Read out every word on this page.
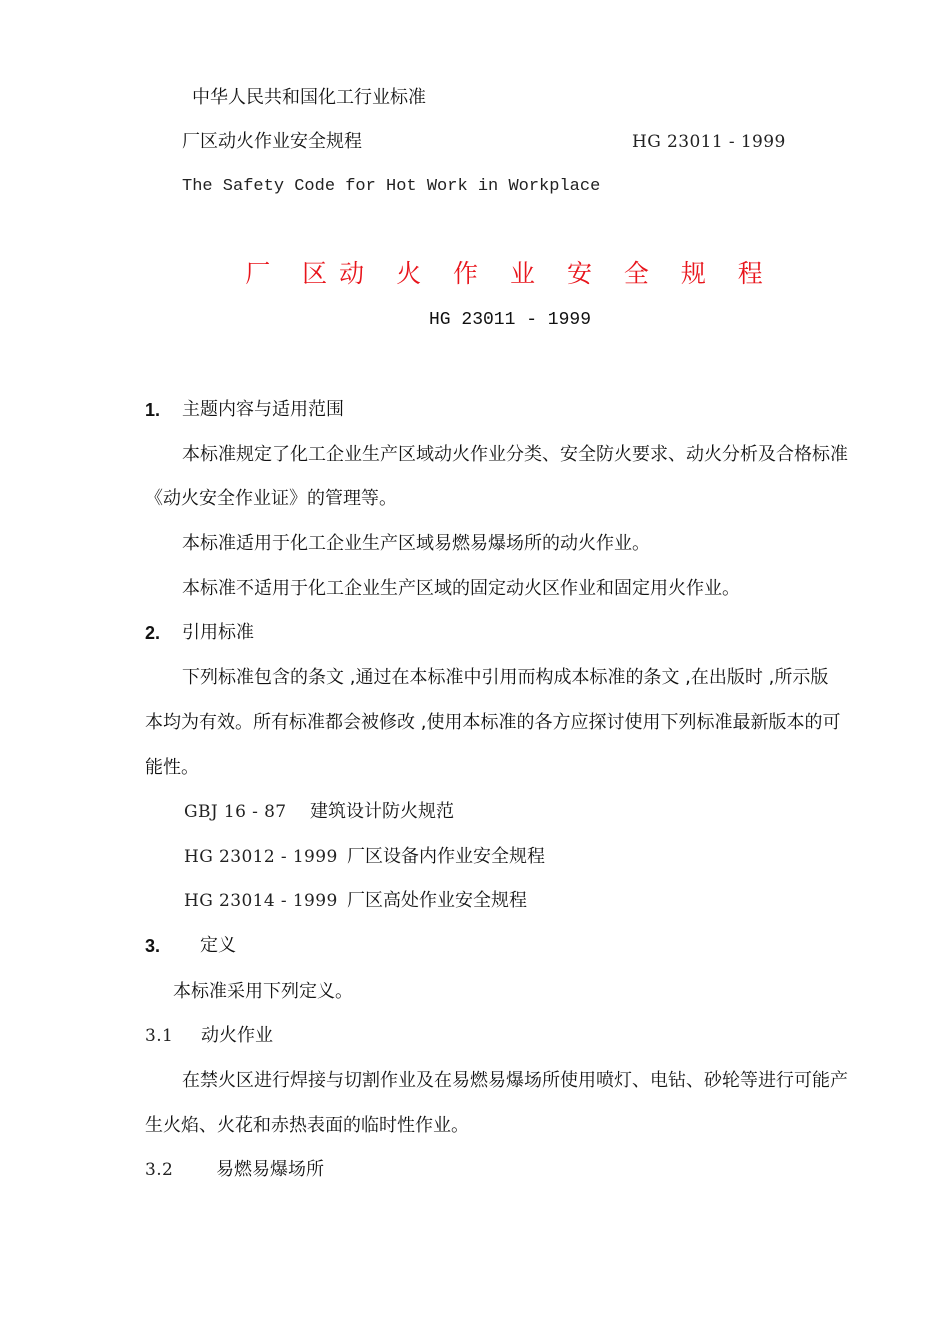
中华人民共和国化工行业标准
厂区动火作业安全规程	HG 23011 - 1999
The Safety Code for Hot Work in Workplace
厂 区动 火 作 业 安 全 规 程
HG 23011 - 1999
1. 主题内容与适用范围
本标准规定了化工企业生产区域动火作业分类、安全防火要求、动火分析及合格标准
《动火安全作业证》的管理等。
本标准适用于化工企业生产区域易燃易爆场所的动火作业。
本标准不适用于化工企业生产区域的固定动火区作业和固定用火作业。
2. 引用标准
下列标准包含的条文 ,通过在本标准中引用而构成本标准的条文 ,在出版时 ,所示版
本均为有效。所有标准都会被修改 ,使用本标准的各方应探讨使用下列标准最新版本的可
能性。
GBJ 16 - 87 建筑设计防火规范
HG 23012 - 1999 厂区设备内作业安全规程
HG 23014 - 1999 厂区高处作业安全规程
3. 定义
本标准采用下列定义。
3.1 动火作业
在禁火区进行焊接与切割作业及在易燃易爆场所使用喷灯、电钻、砂轮等进行可能产
生火焰、火花和赤热表面的临时性作业。
3.2 易燃易爆场所
